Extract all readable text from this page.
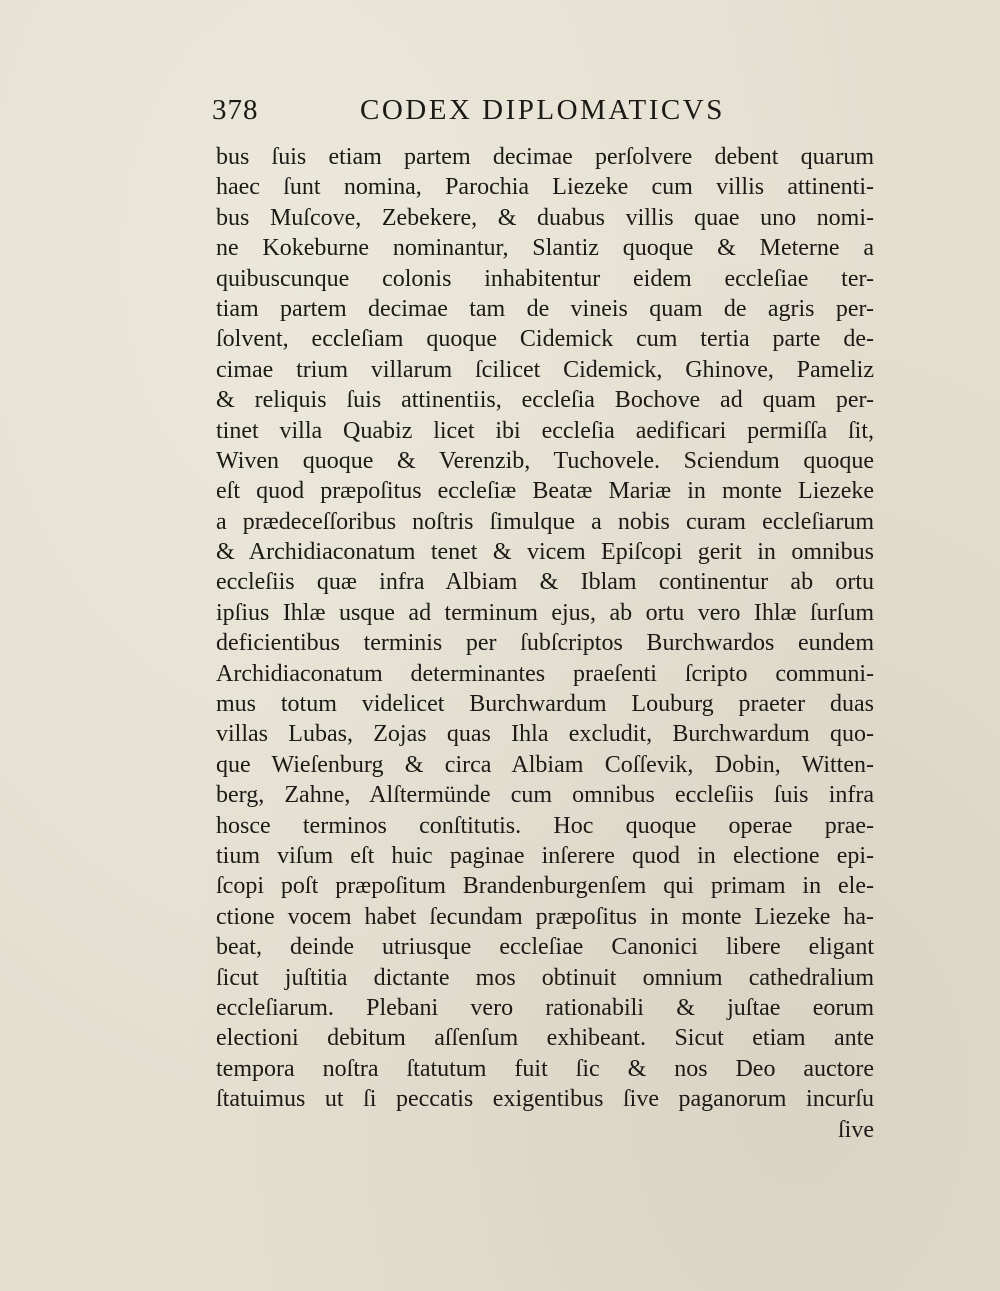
378	CODEX DIPLOMATICVS
bus ſuis etiam partem decimae perſolvere debent quarum
haec ſunt nomina, Parochia Liezeke cum villis attinenti-
bus Muſcove, Zebekere, & duabus villis quae uno nomi-
ne Kokeburne nominantur, Slantiz quoque & Meterne a
quibuscunque colonis inhabitentur eidem eccleſiae ter-
tiam partem decimae tam de vineis quam de agris per-
ſolvent, eccleſiam quoque Cidemick cum tertia parte de-
cimae trium villarum ſcilicet Cidemick, Ghinove, Pameliz
& reliquis ſuis attinentiis, eccleſia Bochove ad quam per-
tinet villa Quabiz licet ibi eccleſia aedificari permiſſa ſit,
Wiven quoque & Verenzib, Tuchovele. Sciendum quoque
eſt quod præpoſitus eccleſiæ Beatæ Mariæ in monte Liezeke
a prædeceſſoribus noſtris ſimulque a nobis curam eccleſiarum
& Archidiaconatum tenet & vicem Epiſcopi gerit in omnibus
eccleſiis quæ infra Albiam & Iblam continentur ab ortu
ipſius Ihlæ usque ad terminum ejus, ab ortu vero Ihlæ ſurſum
deficientibus terminis per ſubſcriptos Burchwardos eundem
Archidiaconatum determinantes praeſenti ſcripto communi-
mus totum videlicet Burchwardum Louburg praeter duas
villas Lubas, Zojas quas Ihla excludit, Burchwardum quo-
que Wieſenburg & circa Albiam Coſſevik, Dobin, Witten-
berg, Zahne, Alſtermünde cum omnibus eccleſiis ſuis infra
hosce terminos conſtitutis. Hoc quoque operae prae-
tium viſum eſt huic paginae inſerere quod in electione epi-
ſcopi poſt præpoſitum Brandenburgenſem qui primam in ele-
ctione vocem habet ſecundam præpoſitus in monte Liezeke ha-
beat, deinde utriusque eccleſiae Canonici libere eligant
ſicut juſtitia dictante mos obtinuit omnium cathedralium
eccleſiarum. Plebani vero rationabili & juſtae eorum
electioni debitum aſſenſum exhibeant. Sicut etiam ante
tempora noſtra ſtatutum fuit ſic & nos Deo auctore
ſtatuimus ut ſi peccatis exigentibus ſive paganorum incurſu
ſive
